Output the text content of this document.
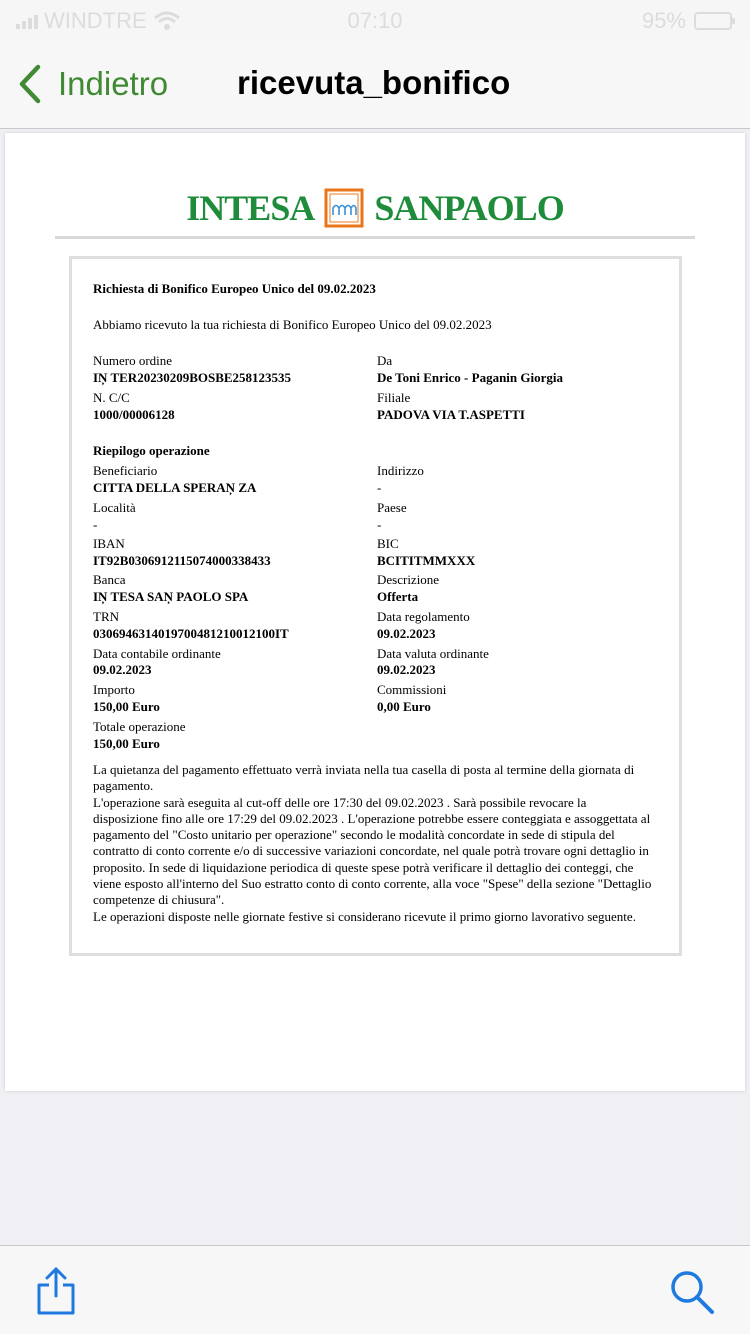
WINDTRE	07:10	95%
Indietro ricevuta_bonifico
INTESA SANPAOLO
Richiesta di Bonifico Europeo Unico del 09.02.2023
Abbiamo ricevuto la tua richiesta di Bonifico Europeo Unico del 09.02.2023
Numero ordine	Da
IŅ TER20230209BOSBE258123535	De Toni Enrico - Paganin Giorgia
N. C/C	Filiale
1000/00006128	PADOVA VIA T.ASPETTI
Riepilogo operazione
Beneficiario	Indirizzo
CITTA DELLA SPERAŅ ZA	-
Località	Paese
-	-
IBAN	BIC
IT92B0306912115074000338433	BCITITMMXXX
Banca	Descrizione
IŅ TESA SAŅ PAOLO SPA	Offerta
TRN	Data regolamento
0306946314019700481210012100IT	09.02.2023
Data contabile ordinante	Data valuta ordinante
09.02.2023	09.02.2023
Importo	Commissioni
150,00 Euro	0,00 Euro
Totale operazione
150,00 Euro

La quietanza del pagamento effettuato verrà inviata nella tua casella di posta al termine della giornata di pagamento.

L'operazione sarà eseguita al cut-off delle ore 17:30 del 09.02.2023 . Sarà possibile revocare la disposizione fino alle ore 17:29 del 09.02.2023 . L'operazione potrebbe essere conteggiata e assoggettata al pagamento del "Costo unitario per operazione" secondo le modalità concordate in sede di stipula del contratto di conto corrente e/o di successive variazioni concordate, nel quale potrà trovare ogni dettaglio in proposito. In sede di liquidazione periodica di queste spese potrà verificare il dettaglio dei conteggi, che viene esposto all'interno del Suo estratto conto di conto corrente, alla voce "Spese" della sezione "Dettaglio competenze di chiusura".

Le operazioni disposte nelle giornate festive si considerano ricevute il primo giorno lavorativo seguente.
